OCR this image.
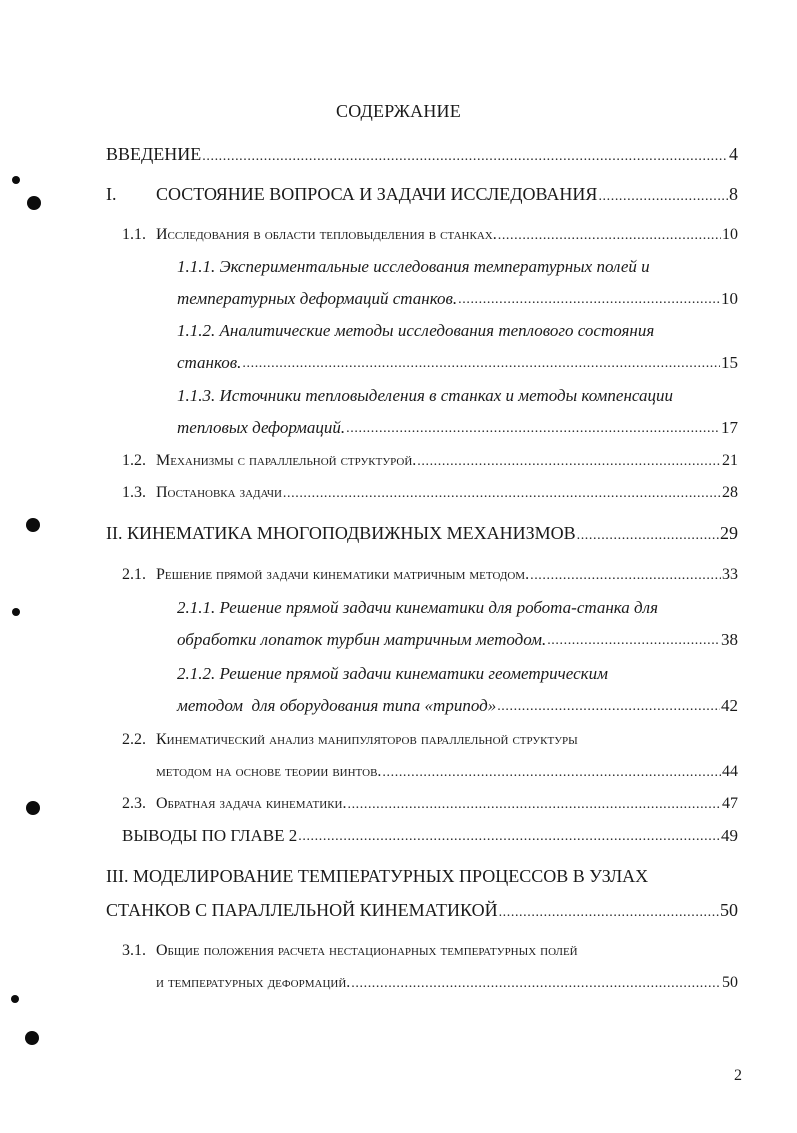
СОДЕРЖАНИЕ
ВВЕДЕНИЕ .....	4
I.	СОСТОЯНИЕ ВОПРОСА И ЗАДАЧИ ИССЛЕДОВАНИЯ .....	8
1.1. Исследования в области тепловыделения в станках. .....	10
1.1.1. Экспериментальные исследования температурных полей и
температурных деформаций станков. .....	10
1.1.2. Аналитические методы исследования теплового состояния
станков. .....	15
1.1.3. Источники тепловыделения в станках и методы компенсации
тепловых деформаций. .....	17
1.2. Механизмы с параллельной структурой. .....	21
1.3. Постановка задачи .....	28
II. КИНЕМАТИКА МНОГОПОДВИЖНЫХ МЕХАНИЗМОВ .....	29
2.1. Решение прямой задачи кинематики матричным методом. .....	33
2.1.1. Решение прямой задачи кинематики для робота-станка для
обработки лопаток турбин матричным методом. .....	38
2.1.2. Решение прямой задачи кинематики геометрическим
методом  для оборудования типа «трипод» .....	42
2.2. Кинематический анализ манипуляторов параллельной структуры
методом на основе теории винтов. .....	44
2.3. Обратная задача кинематики. .....	47
ВЫВОДЫ ПО ГЛАВЕ 2 .....	49
III. МОДЕЛИРОВАНИЕ ТЕМПЕРАТУРНЫХ ПРОЦЕССОВ В УЗЛАХ
СТАНКОВ С ПАРАЛЛЕЛЬНОЙ КИНЕМАТИКОЙ .....	50
3.1. Общие положения расчета нестационарных температурных полей
и температурных деформаций. .....	50
2
